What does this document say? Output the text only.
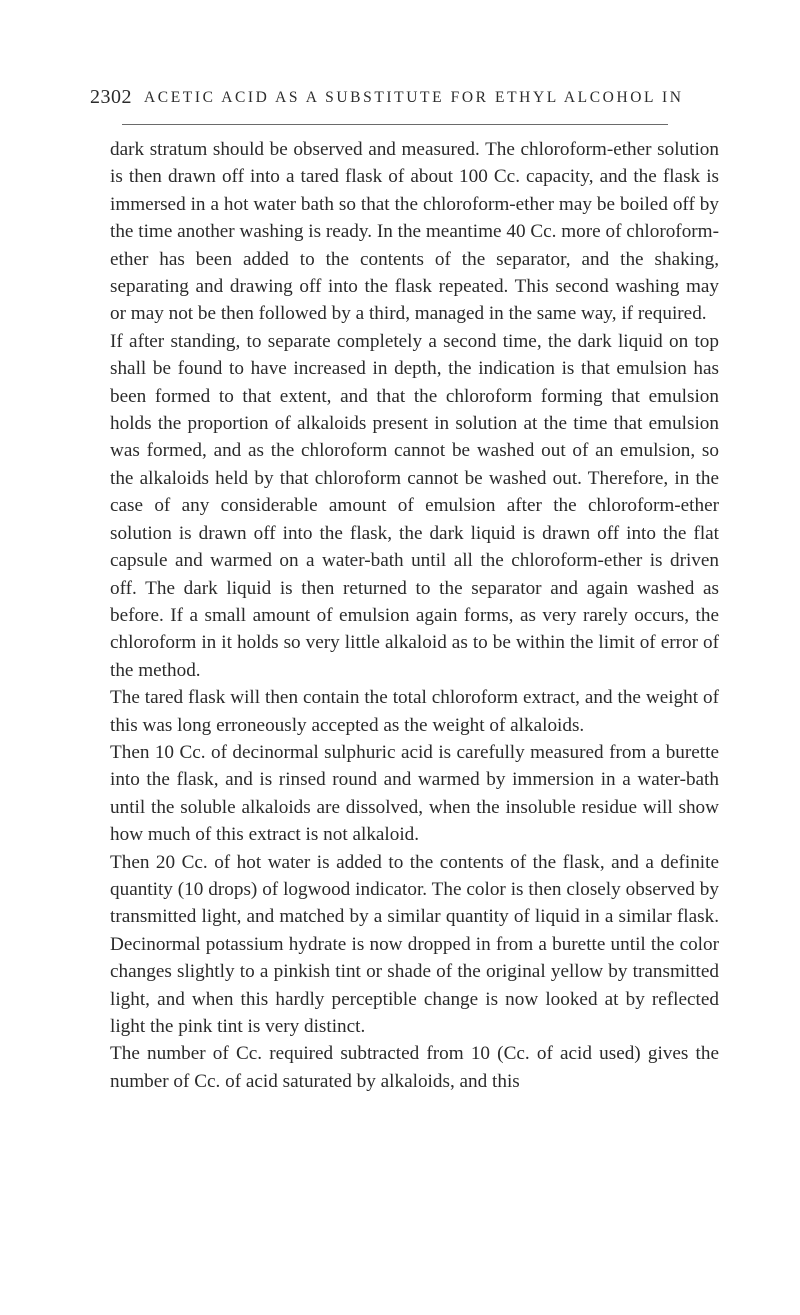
2302 ACETIC ACID AS A SUBSTITUTE FOR ETHYL ALCOHOL IN

dark stratum should be observed and measured. The chloroform-ether solution is then drawn off into a tared flask of about 100 Cc. capacity, and the flask is immersed in a hot water bath so that the chloroform-ether may be boiled off by the time another washing is ready. In the meantime 40 Cc. more of chloroform-ether has been added to the contents of the separator, and the shaking, separating and drawing off into the flask repeated. This second washing may or may not be then followed by a third, managed in the same way, if required.

If after standing, to separate completely a second time, the dark liquid on top shall be found to have increased in depth, the indication is that emulsion has been formed to that extent, and that the chloroform forming that emulsion holds the proportion of alkaloids present in solution at the time that emulsion was formed, and as the chloroform cannot be washed out of an emulsion, so the alkaloids held by that chloroform cannot be washed out. Therefore, in the case of any considerable amount of emulsion after the chloroform-ether solution is drawn off into the flask, the dark liquid is drawn off into the flat capsule and warmed on a water-bath until all the chloroform-ether is driven off. The dark liquid is then returned to the separator and again washed as before. If a small amount of emulsion again forms, as very rarely occurs, the chloroform in it holds so very little alkaloid as to be within the limit of error of the method.

The tared flask will then contain the total chloroform extract, and the weight of this was long erroneously accepted as the weight of alkaloids.

Then 10 Cc. of decinormal sulphuric acid is carefully measured from a burette into the flask, and is rinsed round and warmed by immersion in a water-bath until the soluble alkaloids are dissolved, when the insoluble residue will show how much of this extract is not alkaloid.

Then 20 Cc. of hot water is added to the contents of the flask, and a definite quantity (10 drops) of logwood indicator. The color is then closely observed by transmitted light, and matched by a similar quantity of liquid in a similar flask. Decinormal potassium hydrate is now dropped in from a burette until the color changes slightly to a pinkish tint or shade of the original yellow by transmitted light, and when this hardly perceptible change is now looked at by reflected light the pink tint is very distinct.

The number of Cc. required subtracted from 10 (Cc. of acid used) gives the number of Cc. of acid saturated by alkaloids, and this
